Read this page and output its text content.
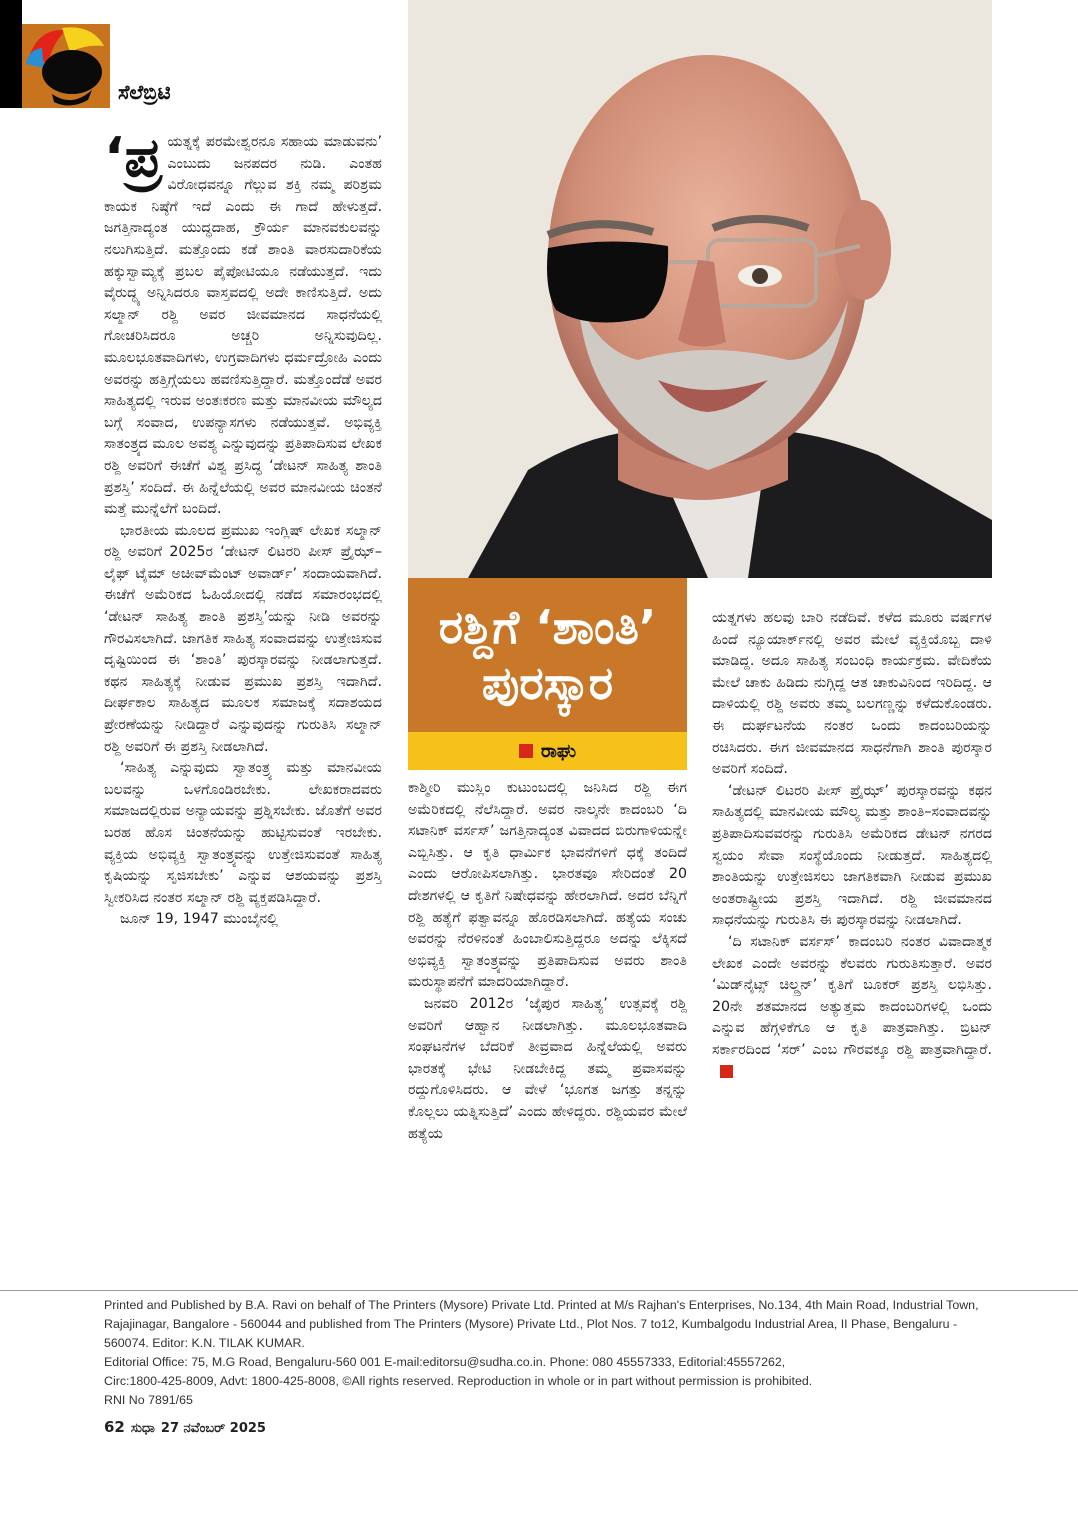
ಸೆಲೆಬ್ರಿಟಿ
ರಶ್ದಿಗೆ ‘ಶಾಂತಿ’
ಪುರಸ್ಕಾರ
ರಾಘು

‘ಪ್ರ ಯತ್ನಕ್ಕೆ ಪರಮೇಶ್ವರನೂ ಸಹಾಯ ಮಾಡುವನು’ ಎಂಬುದು ಜನಪದರ ನುಡಿ. ಎಂತಹ ವಿರೋಧವನ್ನೂ ಗೆಲ್ಲುವ ಶಕ್ತಿ ನಮ್ಮ ಪರಿಶ್ರಮ ಕಾಯಕ ನಿಷ್ಠೆಗೆ ಇದೆ ಎಂದು ಈ ಗಾದೆ ಹೇಳುತ್ತದೆ. ಜಗತ್ತಿನಾದ್ಯಂತ ಯುದ್ಧದಾಹ, ಕ್ರೌರ್ಯ ಮಾನವಕುಲವನ್ನು ನಲುಗಿಸುತ್ತಿದೆ. ಮತ್ತೊಂದು ಕಡೆ ಶಾಂತಿ ವಾರಸುದಾರಿಕೆಯ ಹಕ್ಕುಸ್ವಾಮ್ಯಕ್ಕೆ ಪ್ರಬಲ ಪೈಪೋಟಿಯೂ ನಡೆಯುತ್ತದೆ. ಇದು ವೈರುದ್ಧ್ಯ ಅನ್ನಿಸಿದರೂ ವಾಸ್ತವದಲ್ಲಿ ಅದೇ ಕಾಣಿಸುತ್ತಿದೆ. ಅದು ಸಲ್ಮಾನ್ ರಶ್ದಿ ಅವರ ಜೀವಮಾನದ ಸಾಧನೆಯಲ್ಲಿ ಗೋಚರಿಸಿದರೂ ಅಚ್ಚರಿ ಅನ್ನಿಸುವುದಿಲ್ಲ. ಮೂಲಭೂತವಾದಿಗಳು, ಉಗ್ರವಾದಿಗಳು ಧರ್ಮದ್ರೋಹಿ ಎಂದು ಅವರನ್ನು ಹತ್ತಿಗ್ಗೆಯಲು ಹವಣಿಸುತ್ತಿದ್ದಾರೆ. ಮತ್ತೊಂದೆಡೆ ಅವರ ಸಾಹಿತ್ಯದಲ್ಲಿ ಇರುವ ಅಂತಃಕರಣ ಮತ್ತು ಮಾನವೀಯ ಮೌಲ್ಯದ ಬಗ್ಗೆ ಸಂವಾದ, ಉಪನ್ಯಾಸಗಳು ನಡೆಯುತ್ತವೆ. ಅಭಿವ್ಯಕ್ತಿ ಸಾತಂತ್ರ್ಯದ ಮೂಲ ಅವಶ್ಯ ಎನ್ನುವುದನ್ನು ಪ್ರತಿಪಾದಿಸುವ ಲೇಖಕ ರಶ್ದಿ ಅವರಿಗೆ ಈಚೆಗೆ ವಿಶ್ವ ಪ್ರಸಿದ್ಧ ‘ಡೇಟನ್ ಸಾಹಿತ್ಯ ಶಾಂತಿ ಪ್ರಶಸ್ತಿ’ ಸಂದಿದೆ. ಈ ಹಿನ್ನೆಲೆಯಲ್ಲಿ ಅವರ ಮಾನವೀಯ ಚಿಂತನೆ ಮತ್ತೆ ಮುನ್ನೆಲೆಗೆ ಬಂದಿದೆ.

ಭಾರತೀಯ ಮೂಲದ ಪ್ರಮುಖ ಇಂಗ್ಲಿಷ್ ಲೇಖಕ ಸಲ್ಮಾನ್ ರಶ್ದಿ ಅವರಿಗೆ 2025ರ ‘ಡೇಟನ್ ಲಿಟರರಿ ಪೀಸ್ ಪ್ರೈಝ್– ಲೈಫ್ ಟೈಮ್ ಅಚೀವ್‌ಮೆಂಟ್ ಅವಾರ್ಡ್’ ಸಂದಾಯವಾಗಿದೆ. ಈಚೆಗೆ ಅಮೆರಿಕದ ಓಹಿಯೋದಲ್ಲಿ ನಡೆದ ಸಮಾರಂಭದಲ್ಲಿ ‘ಡೇಟನ್ ಸಾಹಿತ್ಯ ಶಾಂತಿ ಪ್ರಶಸ್ತಿ’ಯನ್ನು ನೀಡಿ ಅವರನ್ನು ಗೌರವಿಸಲಾಗಿದೆ. ಜಾಗತಿಕ ಸಾಹಿತ್ಯ ಸಂವಾದವನ್ನು ಉತ್ತೇಜಿಸುವ ದೃಷ್ಟಿಯಿಂದ ಈ ‘ಶಾಂತಿ’ ಪುರಸ್ಕಾರವನ್ನು ನೀಡಲಾಗುತ್ತದೆ. ಕಥನ ಸಾಹಿತ್ಯಕ್ಕೆ ನೀಡುವ ಪ್ರಮುಖ ಪ್ರಶಸ್ತಿ ಇದಾಗಿದೆ. ದೀರ್ಘಕಾಲ ಸಾಹಿತ್ಯದ ಮೂಲಕ ಸಮಾಜಕ್ಕೆ ಸದಾಶಯದ ಪ್ರೇರಣೆಯನ್ನು ನೀಡಿದ್ದಾರೆ ಎನ್ನುವುದನ್ನು ಗುರುತಿಸಿ ಸಲ್ಮಾನ್ ರಶ್ದಿ ಅವರಿಗೆ ಈ ಪ್ರಶಸ್ತಿ ನೀಡಲಾಗಿದೆ.

‘ಸಾಹಿತ್ಯ ಎನ್ನುವುದು ಸ್ವಾತಂತ್ರ್ಯ ಮತ್ತು ಮಾನವೀಯ ಬಲವನ್ನು ಒಳಗೊಂಡಿರಬೇಕು. ಲೇಖಕರಾದವರು ಸಮಾಜದಲ್ಲಿರುವ ಅನ್ಯಾಯವನ್ನು ಪ್ರಶ್ನಿಸಬೇಕು. ಜೊತೆಗೆ ಅವರ ಬರಹ ಹೊಸ ಚಿಂತನೆಯನ್ನು ಹುಟ್ಟಿಸುವಂತೆ ಇರಬೇಕು. ವ್ಯಕ್ತಿಯ ಅಭಿವ್ಯಕ್ತಿ ಸ್ವಾತಂತ್ರ್ಯವನ್ನು ಉತ್ತೇಜಿಸುವಂತೆ ಸಾಹಿತ್ಯ ಕೃಷಿಯನ್ನು ಸೃಜಿಸಬೇಕು’ ಎನ್ನುವ ಆಶಯವನ್ನು ಪ್ರಶಸ್ತಿ ಸ್ವೀಕರಿಸಿದ ನಂತರ ಸಲ್ಮಾನ್ ರಶ್ದಿ ವ್ಯಕ್ತಪಡಿಸಿದ್ದಾರೆ.

ಜೂನ್ 19, 1947 ಮುಂಬೈನಲ್ಲಿ

ಕಾಶ್ಮೀರಿ ಮುಸ್ಲಿಂ ಕುಟುಂಬದಲ್ಲಿ ಜನಿಸಿದ ರಶ್ದಿ ಈಗ ಅಮೆರಿಕದಲ್ಲಿ ನೆಲೆಸಿದ್ದಾರೆ. ಅವರ ನಾಲ್ಕನೇ ಕಾದಂಬರಿ ‘ದಿ ಸಟಾನಿಕ್ ವರ್ಸಸ್’ ಜಗತ್ತಿನಾದ್ಯಂತ ವಿವಾದದ ಬಿರುಗಾಳಿಯನ್ನೇ ಎಬ್ಬಿಸಿತ್ತು. ಆ ಕೃತಿ ಧಾರ್ಮಿಕ ಭಾವನೆಗಳಿಗೆ ಧಕ್ಕೆ ತಂದಿದೆ ಎಂದು ಆರೋಪಿಸಲಾಗಿತ್ತು. ಭಾರತವೂ ಸೇರಿದಂತೆ 20 ದೇಶಗಳಲ್ಲಿ ಆ ಕೃತಿಗೆ ನಿಷೇಧವನ್ನು ಹೇರಲಾಗಿದೆ. ಅದರ ಬೆನ್ನಿಗೆ ರಶ್ದಿ ಹತ್ಯೆಗೆ ಫತ್ವಾವನ್ನೂ ಹೊರಡಿಸಲಾಗಿದೆ. ಹತ್ಯೆಯ ಸಂಚು ಅವರನ್ನು ನೆರಳಿನಂತೆ ಹಿಂಬಾಲಿಸುತ್ತಿದ್ದರೂ ಅದನ್ನು ಲೆಕ್ಕಿಸದೆ ಅಭಿವ್ಯಕ್ತಿ ಸ್ವಾತಂತ್ರ್ಯವನ್ನು ಪ್ರತಿಪಾದಿಸುವ ಅವರು ಶಾಂತಿ ಮರುಸ್ಥಾಪನೆಗೆ ಮಾದರಿಯಾಗಿದ್ದಾರೆ.

ಜನವರಿ 2012ರ ‘ಜೈಪುರ ಸಾಹಿತ್ಯ’ ಉತ್ಸವಕ್ಕೆ ರಶ್ದಿ ಅವರಿಗೆ ಆಹ್ವಾನ ನೀಡಲಾಗಿತ್ತು. ಮೂಲಭೂತವಾದಿ ಸಂಘಟನೆಗಳ ಬೆದರಿಕೆ ತೀವ್ರವಾದ ಹಿನ್ನೆಲೆಯಲ್ಲಿ ಅವರು ಭಾರತಕ್ಕೆ ಭೇಟಿ ನೀಡಬೇಕಿದ್ದ ತಮ್ಮ ಪ್ರವಾಸವನ್ನು ರದ್ದುಗೊಳಿಸಿದರು. ಆ ವೇಳೆ ‘ಭೂಗತ ಜಗತ್ತು ತನ್ನನ್ನು ಕೊಲ್ಲಲು ಯತ್ನಿಸುತ್ತಿದೆ’ ಎಂದು ಹೇಳಿದ್ದರು. ರಶ್ದಿಯವರ ಮೇಲೆ ಹತ್ಯೆಯ

ಯತ್ನಗಳು ಹಲವು ಬಾರಿ ನಡೆದಿವೆ. ಕಳೆದ ಮೂರು ವರ್ಷಗಳ ಹಿಂದೆ ನ್ಯೂಯಾರ್ಕ್‌ನಲ್ಲಿ ಅವರ ಮೇಲೆ ವ್ಯಕ್ತಿಯೊಬ್ಬ ದಾಳಿ ಮಾಡಿದ್ದ. ಅದೂ ಸಾಹಿತ್ಯ ಸಂಬಂಧಿ ಕಾರ್ಯಕ್ರಮ. ವೇದಿಕೆಯ ಮೇಲೆ ಚಾಕು ಹಿಡಿದು ನುಗ್ಗಿದ್ದ ಆತ ಚಾಕುವಿನಿಂದ ಇರಿದಿದ್ದ. ಆ ದಾಳಿಯಲ್ಲಿ ರಶ್ದಿ ಅವರು ತಮ್ಮ ಬಲಗಣ್ಣನ್ನು ಕಳೆದುಕೊಂಡರು. ಈ ದುರ್ಘಟನೆಯ ನಂತರ ಒಂದು ಕಾದಂಬರಿಯನ್ನು ರಚಿಸಿದರು. ಈಗ ಜೀವಮಾನದ ಸಾಧನೆಗಾಗಿ ಶಾಂತಿ ಪುರಸ್ಕಾರ ಅವರಿಗೆ ಸಂದಿದೆ.

‘ಡೇಟನ್ ಲಿಟರರಿ ಪೀಸ್ ಪ್ರೈಝ್’ ಪುರಸ್ಕಾರವನ್ನು ಕಥನ ಸಾಹಿತ್ಯದಲ್ಲಿ ಮಾನವೀಯ ಮೌಲ್ಯ ಮತ್ತು ಶಾಂತಿ–ಸಂವಾದವನ್ನು ಪ್ರತಿಪಾದಿಸುವವರನ್ನು ಗುರುತಿಸಿ ಅಮೆರಿಕದ ಡೇಟನ್ ನಗರದ ಸ್ವಯಂ ಸೇವಾ ಸಂಸ್ಥೆಯೊಂದು ನೀಡುತ್ತದೆ. ಸಾಹಿತ್ಯದಲ್ಲಿ ಶಾಂತಿಯನ್ನು ಉತ್ತೇಜಿಸಲು ಜಾಗತಿಕವಾಗಿ ನೀಡುವ ಪ್ರಮುಖ ಅಂತರಾಷ್ಟ್ರೀಯ ಪ್ರಶಸ್ತಿ ಇದಾಗಿದೆ. ರಶ್ದಿ ಜೀವಮಾನದ ಸಾಧನೆಯನ್ನು ಗುರುತಿಸಿ ಈ ಪುರಸ್ಕಾರವನ್ನು ನೀಡಲಾಗಿದೆ.

‘ದಿ ಸಟಾನಿಕ್ ವರ್ಸಸ್’ ಕಾದಂಬರಿ ನಂತರ ವಿವಾದಾತ್ಮಕ ಲೇಖಕ ಎಂದೇ ಅವರನ್ನು ಕೆಲವರು ಗುರುತಿಸುತ್ತಾರೆ. ಅವರ ‘ಮಿಡ್‌ನೈಟ್ಸ್ ಚಿಲ್ಡ್ರನ್’ ಕೃತಿಗೆ ಬೂಕರ್ ಪ್ರಶಸ್ತಿ ಲಭಿಸಿತ್ತು. 20ನೇ ಶತಮಾನದ ಅತ್ಯುತ್ತಮ ಕಾದಂಬರಿಗಳಲ್ಲಿ ಒಂದು ಎನ್ನುವ ಹೆಗ್ಗಳಿಕೆಗೂ ಆ ಕೃತಿ ಪಾತ್ರವಾಗಿತ್ತು. ಬ್ರಿಟನ್ ಸರ್ಕಾರದಿಂದ ‘ಸರ್’ ಎಂಬ ಗೌರವಕ್ಕೂ ರಶ್ದಿ ಪಾತ್ರವಾಗಿದ್ದಾರೆ.

Printed and Published by B.A. Ravi on behalf of The Printers (Mysore) Private Ltd. Printed at M/s Rajhan's Enterprises, No.134, 4th Main Road, Industrial Town, Rajajinagar, Bangalore - 560044 and published from The Printers (Mysore) Private Ltd., Plot Nos. 7 to12, Kumbalgodu Industrial Area, II Phase, Bengaluru - 560074. Editor: K.N. TILAK KUMAR.

Editorial Office: 75, M.G Road, Bengaluru-560 001 E-mail:editorsu@sudha.co.in. Phone: 080 45557333, Editorial:45557262,

Circ:1800-425-8009, Advt: 1800-425-8008, ©All rights reserved. Reproduction in whole or in part without permission is prohibited.

RNI No 7891/65

62 ಸುಧಾ 27 ನವೆಂಬರ್ 2025
